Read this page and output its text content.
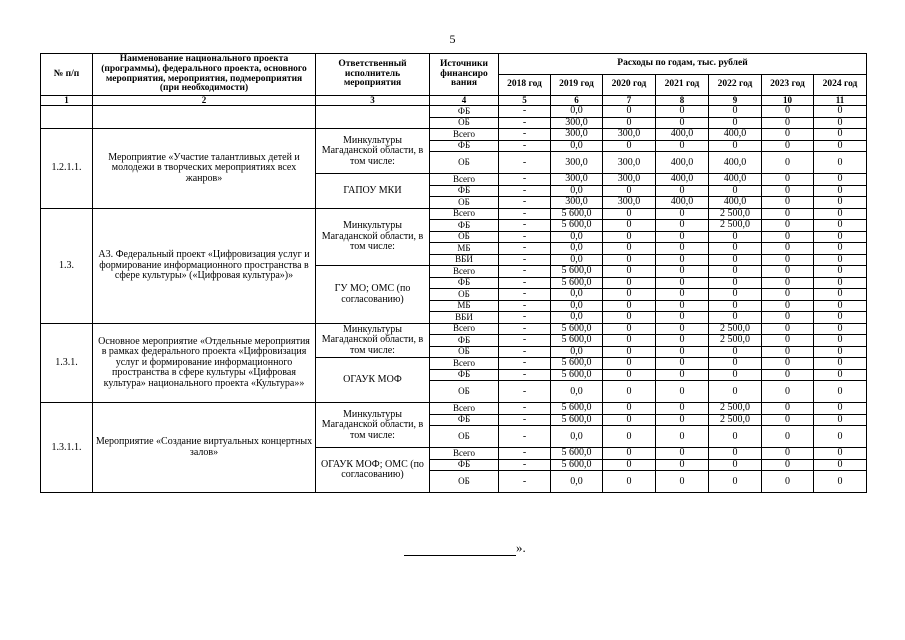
5
№ п/п	Наименование национального проекта (программы), федерального проекта, основного мероприятия, мероприятия, подмероприятия (при необходимости)	Ответственный исполнитель мероприятия	Источники финансиро вания	Расходы по годам, тыс. рублей						
				2018 год	2019 год	2020 год	2021 год	2022 год	2023 год	2024 год
1	2	3	4	5	6	7	8	9	10	11
			ФБ	-	0,0	0	0	0	0	0
			ОБ	-	300,0	0	0	0	0	0
1.2.1.1.	Мероприятие «Участие талантливых детей и молодежи в творческих мероприятиях всех жанров»	Минкультуры Магаданской области, в том числе:	Всего	-	300,0	300,0	400,0	400,0	0	0
			ФБ	-	0,0	0	0	0	0	0
			ОБ	-	300,0	300,0	400,0	400,0	0	0
		ГАПОУ МКИ	Всего	-	300,0	300,0	400,0	400,0	0	0
			ФБ	-	0,0	0	0	0	0	0
			ОБ	-	300,0	300,0	400,0	400,0	0	0
1.3.	А3. Федеральный проект «Цифровизация услуг и формирование информационного пространства в сфере культуры» («Цифровая культура»)»	Минкультуры Магаданской области, в том числе:	Всего	-	5 600,0	0	0	2 500,0	0	0
			ФБ	-	5 600,0	0	0	2 500,0	0	0
			ОБ	-	0,0	0	0	0	0	0
			МБ	-	0,0	0	0	0	0	0
			ВБИ	-	0,0	0	0	0	0	0
		ГУ МО; ОМС (по согласованию)	Всего	-	5 600,0	0	0	0	0	0
			ФБ	-	5 600,0	0	0	0	0	0
			ОБ	-	0,0	0	0	0	0	0
			МБ	-	0,0	0	0	0	0	0
			ВБИ	-	0,0	0	0	0	0	0
1.3.1.	Основное мероприятие «Отдельные мероприятия в рамках федерального проекта «Цифровизация услуг и формирование информационного пространства в сфере культуры «Цифровая культура» национального проекта «Культура»»	Минкультуры Магаданской области, в том числе:	Всего	-	5 600,0	0	0	2 500,0	0	0
			ФБ	-	5 600,0	0	0	2 500,0	0	0
			ОБ	-	0,0	0	0	0	0	0
		ОГАУК МОФ	Всего	-	5 600,0	0	0	0	0	0
			ФБ	-	5 600,0	0	0	0	0	0
			ОБ	-	0,0	0	0	0	0	0
1.3.1.1.	Мероприятие «Создание виртуальных концертных залов»	Минкультуры Магаданской области, в том числе:	Всего	-	5 600,0	0	0	2 500,0	0	0
			ФБ	-	5 600,0	0	0	2 500,0	0	0
			ОБ	-	0,0	0	0	0	0	0
		ОГАУК МОФ; ОМС (по согласованию)	Всего	-	5 600,0	0	0	0	0	0
			ФБ	-	5 600,0	0	0	0	0	0
			ОБ	-	0,0	0	0	0	0	0
».
